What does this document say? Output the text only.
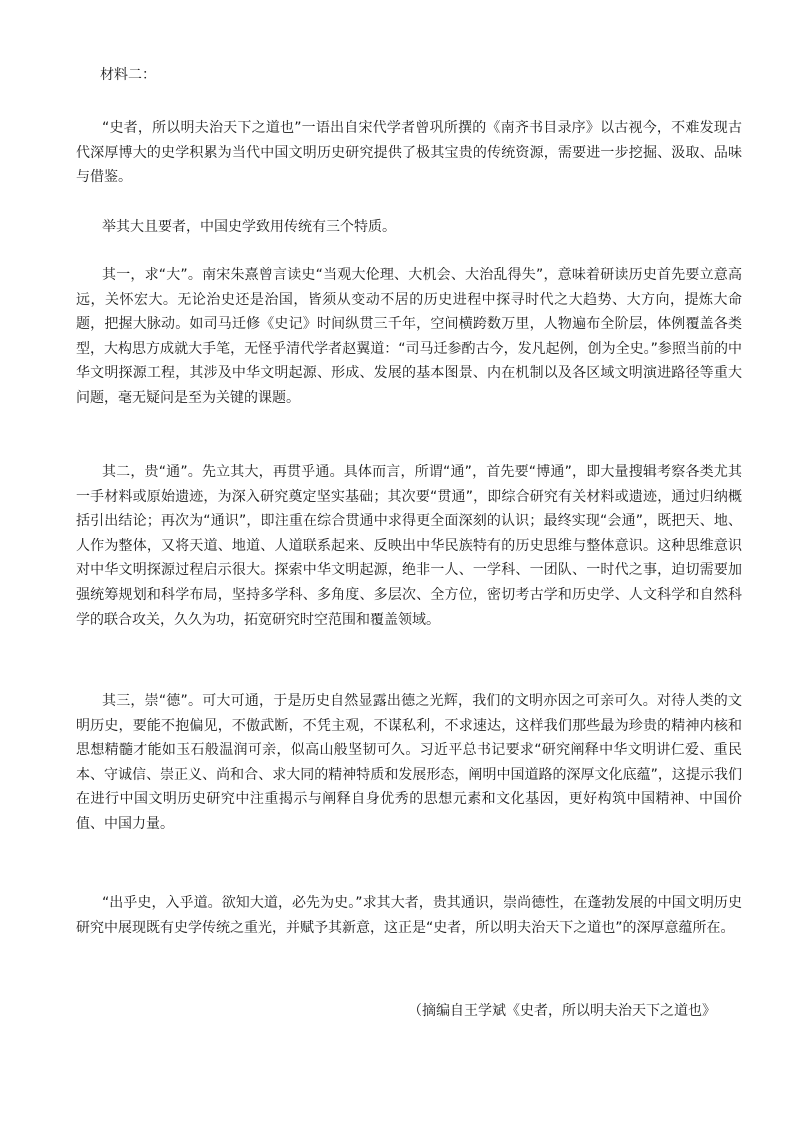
材料二：

“史者，所以明夫治天下之道也”一语出自宋代学者曾巩所撰的《南齐书目录序》以古视今，不难发现古代深厚博大的史学积累为当代中国文明历史研究提供了极其宝贵的传统资源，需要进一步挖掘、汲取、品味与借鉴。

举其大且要者，中国史学致用传统有三个特质。

其一，求“大”。南宋朱熹曾言读史“当观大伦理、大机会、大治乱得失”，意味着研读历史首先要立意高远，关怀宏大。无论治史还是治国，皆须从变动不居的历史进程中探寻时代之大趋势、大方向，提炼大命题，把握大脉动。如司马迁修《史记》时间纵贯三千年，空间横跨数万里，人物遍布全阶层，体例覆盖各类型，大构思方成就大手笔，无怪乎清代学者赵翼道：“司马迁参酌古今，发凡起例，创为全史。”参照当前的中华文明探源工程，其涉及中华文明起源、形成、发展的基本图景、内在机制以及各区域文明演进路径等重大问题，毫无疑问是至为关键的课题。

其二，贵“通”。先立其大，再贯乎通。具体而言，所谓“通”，首先要“博通”，即大量搜辑考察各类尤其一手材料或原始遗迹，为深入研究奠定坚实基础；其次要“贯通”，即综合研究有关材料或遗迹，通过归纳概括引出结论；再次为“通识”，即注重在综合贯通中求得更全面深刻的认识；最终实现“会通”，既把天、地、人作为整体，又将天道、地道、人道联系起来、反映出中华民族特有的历史思维与整体意识。这种思维意识对中华文明探源过程启示很大。探索中华文明起源，绝非一人、一学科、一团队、一时代之事，迫切需要加强统筹规划和科学布局，坚持多学科、多角度、多层次、全方位，密切考古学和历史学、人文科学和自然科学的联合攻关，久久为功，拓宽研究时空范围和覆盖领域。

其三，崇“德”。可大可通，于是历史自然显露出德之光辉，我们的文明亦因之可亲可久。对待人类的文明历史，要能不抱偏见，不傲武断，不凭主观，不谋私利，不求速达，这样我们那些最为珍贵的精神内核和思想精髓才能如玉石般温润可亲，似高山般坚韧可久。习近平总书记要求“研究阐释中华文明讲仁爱、重民本、守诚信、崇正义、尚和合、求大同的精神特质和发展形态，阐明中国道路的深厚文化底蕴”，这提示我们在进行中国文明历史研究中注重揭示与阐释自身优秀的思想元素和文化基因，更好构筑中国精神、中国价值、中国力量。

“出乎史，入乎道。欲知大道，必先为史。”求其大者，贵其通识，崇尚德性，在蓬勃发展的中国文明历史研究中展现既有史学传统之重光，并赋予其新意，这正是“史者，所以明夫治天下之道也”的深厚意蕴所在。

（摘编自王学斌《史者，所以明夫治天下之道也》
